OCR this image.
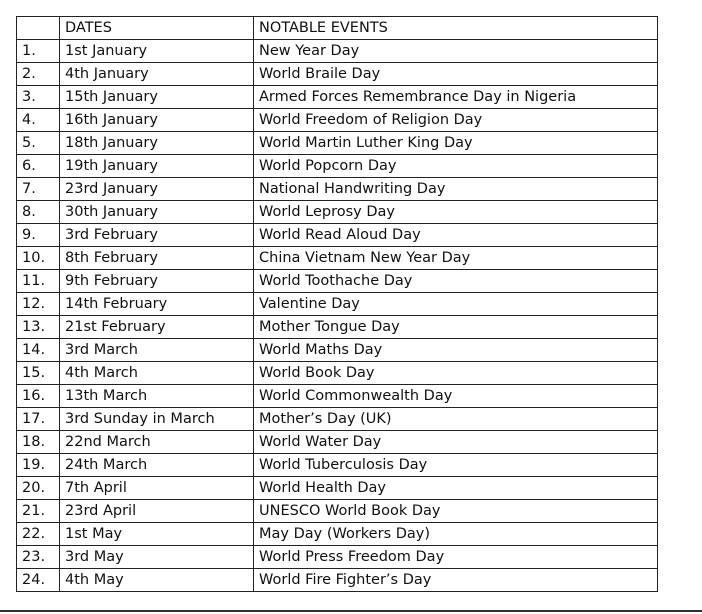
	DATES	NOTABLE EVENTS
1.	1st January	New Year Day
2.	4th January	World Braile Day
3.	15th January	Armed Forces Remembrance Day in Nigeria
4.	16th January	World Freedom of Religion Day
5.	18th January	World Martin Luther King Day
6.	19th January	World Popcorn Day
7.	23rd January	National Handwriting Day
8.	30th January	World Leprosy Day
9.	3rd February	World Read Aloud Day
10.	8th February	China Vietnam New Year Day
11.	9th February	World Toothache Day
12.	14th February	Valentine Day
13.	21st February	Mother Tongue Day
14.	3rd March	World Maths Day
15.	4th March	World Book Day
16.	13th March	World Commonwealth Day
17.	3rd Sunday in March	Mother’s Day (UK)
18.	22nd March	World Water Day
19.	24th March	World Tuberculosis Day
20.	7th April	World Health Day
21.	23rd April	UNESCO World Book Day
22.	1st May	May Day (Workers Day)
23.	3rd May	World Press Freedom Day
24.	4th May	World Fire Fighter’s Day
